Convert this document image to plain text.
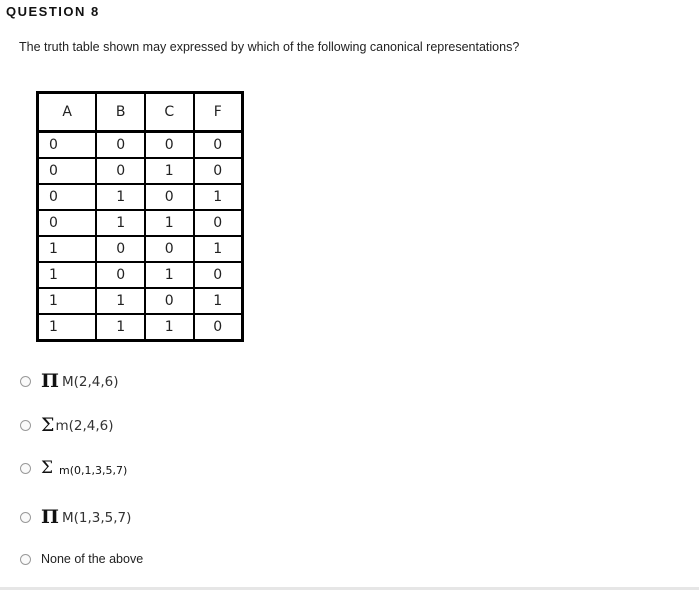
QUESTION 8
The truth table shown may expressed by which of the following canonical representations?
A	B	C	F
0	0	0	0
0	0	1	0
0	1	0	1
0	1	1	0
1	0	0	1
1	0	1	0
1	1	0	1
1	1	1	0
Π M(2,4,6)
Σ m(2,4,6)
Σ m(0,1,3,5,7)
Π M(1,3,5,7)
None of the above
